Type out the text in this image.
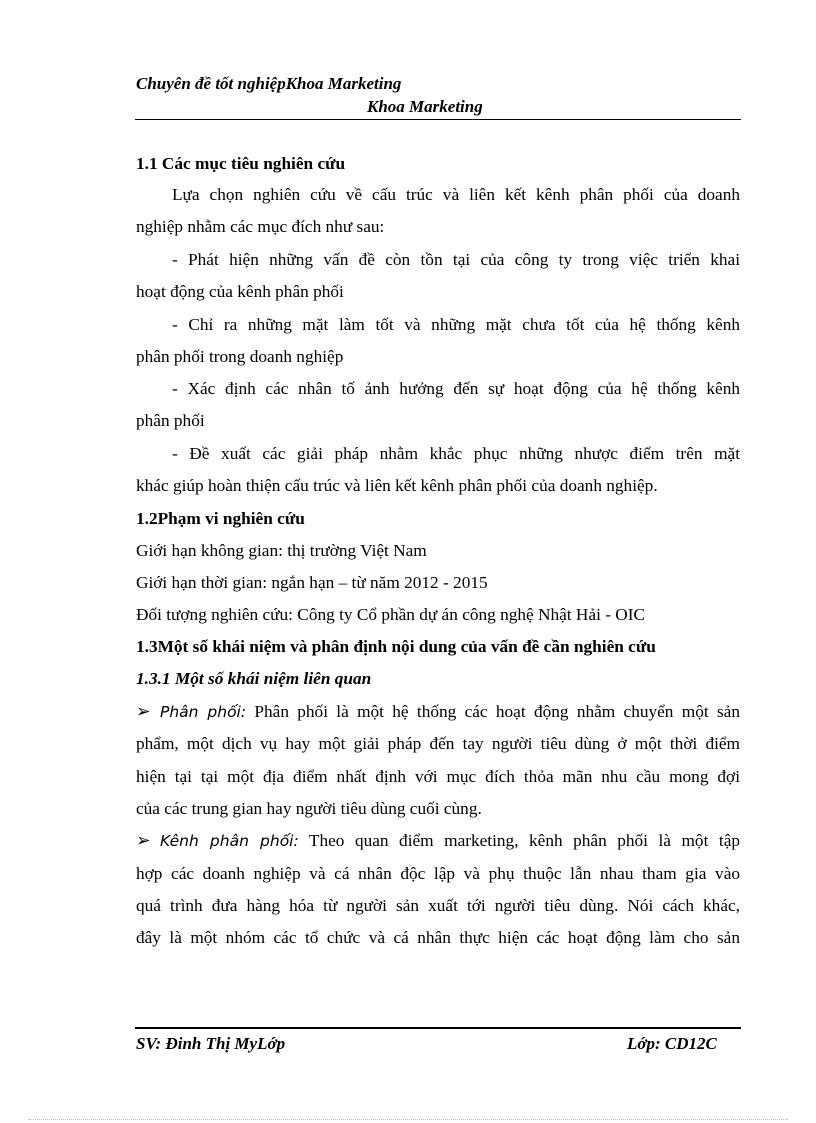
Chuyên đề tốt nghiệpKhoa Marketing
Khoa Marketing
1.1 Các mục tiêu nghiên cứu
Lựa chọn nghiên cứu về cấu trúc và liên kết kênh phân phối của doanh
nghiệp nhằm các mục đích như sau:
- Phát hiện những vấn đề còn tồn tại của công ty trong việc triển khai
hoạt động của kênh phân phối
- Chỉ ra những mặt làm tốt và những mặt chưa tốt của hệ thống kênh
phân phối trong doanh nghiệp
- Xác định các nhân tố ảnh hưởng đến sự hoạt động của hệ thống kênh
phân phối
- Đề xuất các giải pháp nhằm khắc phục những nhược điểm trên mặt
khác giúp hoàn thiện cấu trúc và liên kết kênh phân phối của doanh nghiệp.
1.2Phạm vi nghiên cứu
Giới hạn không gian: thị trường Việt Nam
Giới hạn thời gian: ngắn hạn – từ năm 2012 - 2015
Đối tượng nghiên cứu: Công ty Cổ phần dự án công nghệ Nhật Hải - OIC
1.3Một số khái niệm và phân định nội dung của vấn đề cần nghiên cứu
1.3.1 Một số khái niệm liên quan
➢ Phân phối: Phân phối là một hệ thống các hoạt động nhằm chuyển một sản
phẩm, một dịch vụ hay một giải pháp đến tay người tiêu dùng ở một thời điểm
hiện tại tại một địa điểm nhất định với mục đích thỏa mãn nhu cầu mong đợi
của các trung gian hay người tiêu dùng cuối cùng.
➢ Kênh phân phối: Theo quan điểm marketing, kênh phân phối là một tập
hợp các doanh nghiệp và cá nhân độc lập và phụ thuộc lẫn nhau tham gia vào
quá trình đưa hàng hóa từ người sản xuất tới người tiêu dùng. Nói cách khác,
đây là một nhóm các tổ chức và cá nhân thực hiện các hoạt động làm cho sản
SV: Đinh Thị MyLớp	Lớp: CD12C
